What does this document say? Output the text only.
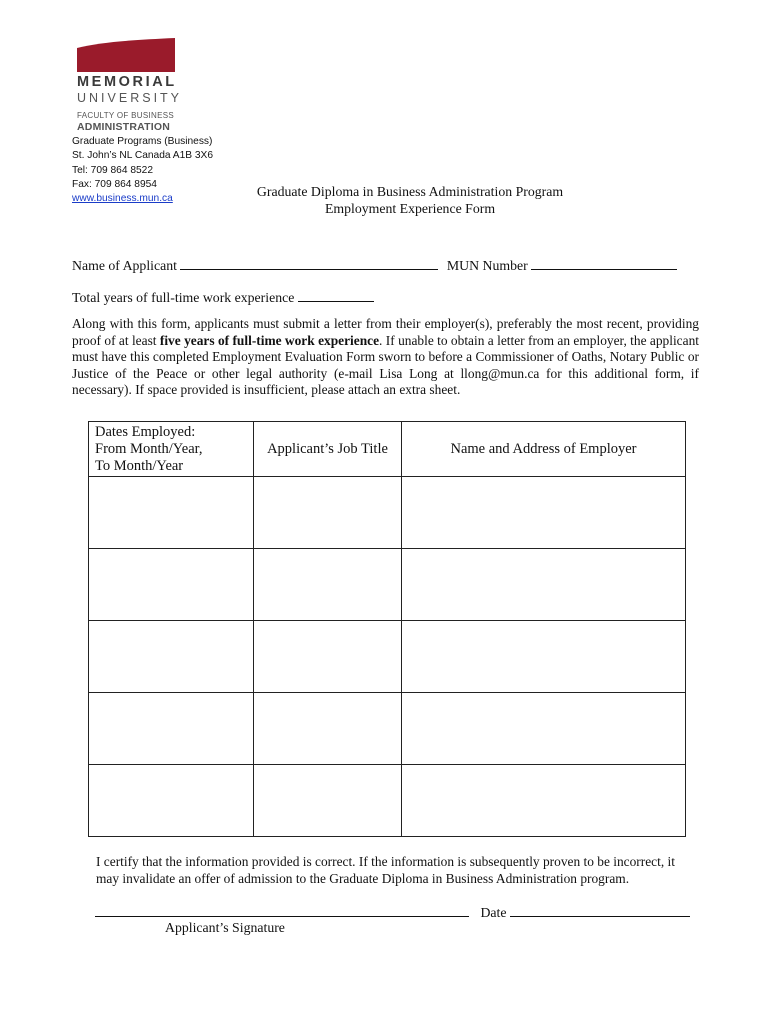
MEMORIAL
UNIVERSITY
FACULTY OF BUSINESS
ADMINISTRATION
Graduate Programs (Business)
St. John’s NL Canada A1B 3X6
Tel: 709 864 8522
Fax: 709 864 8954
www.business.mun.ca	Graduate Diploma in Business Administration Program
Employment Experience Form
Name of Applicant	MUN Number
Total years of full-time work experience
Along with this form, applicants must submit a letter from their employer(s), preferably the most recent, providing proof of at least five years of full-time work experience. If unable to obtain a letter from an employer, the applicant must have this completed Employment Evaluation Form sworn to before a Commissioner of Oaths, Notary Public or Justice of the Peace or other legal authority (e-mail Lisa Long at llong@mun.ca for this additional form, if necessary). If space provided is insufficient, please attach an extra sheet.
Dates Employed:
From Month/Year,
To Month/Year	Applicant’s Job Title	Name and Address of Employer

I certify that the information provided is correct. If the information is subsequently proven to be incorrect, it may invalidate an offer of admission to the Graduate Diploma in Business Administration program.
Date
Applicant’s Signature
